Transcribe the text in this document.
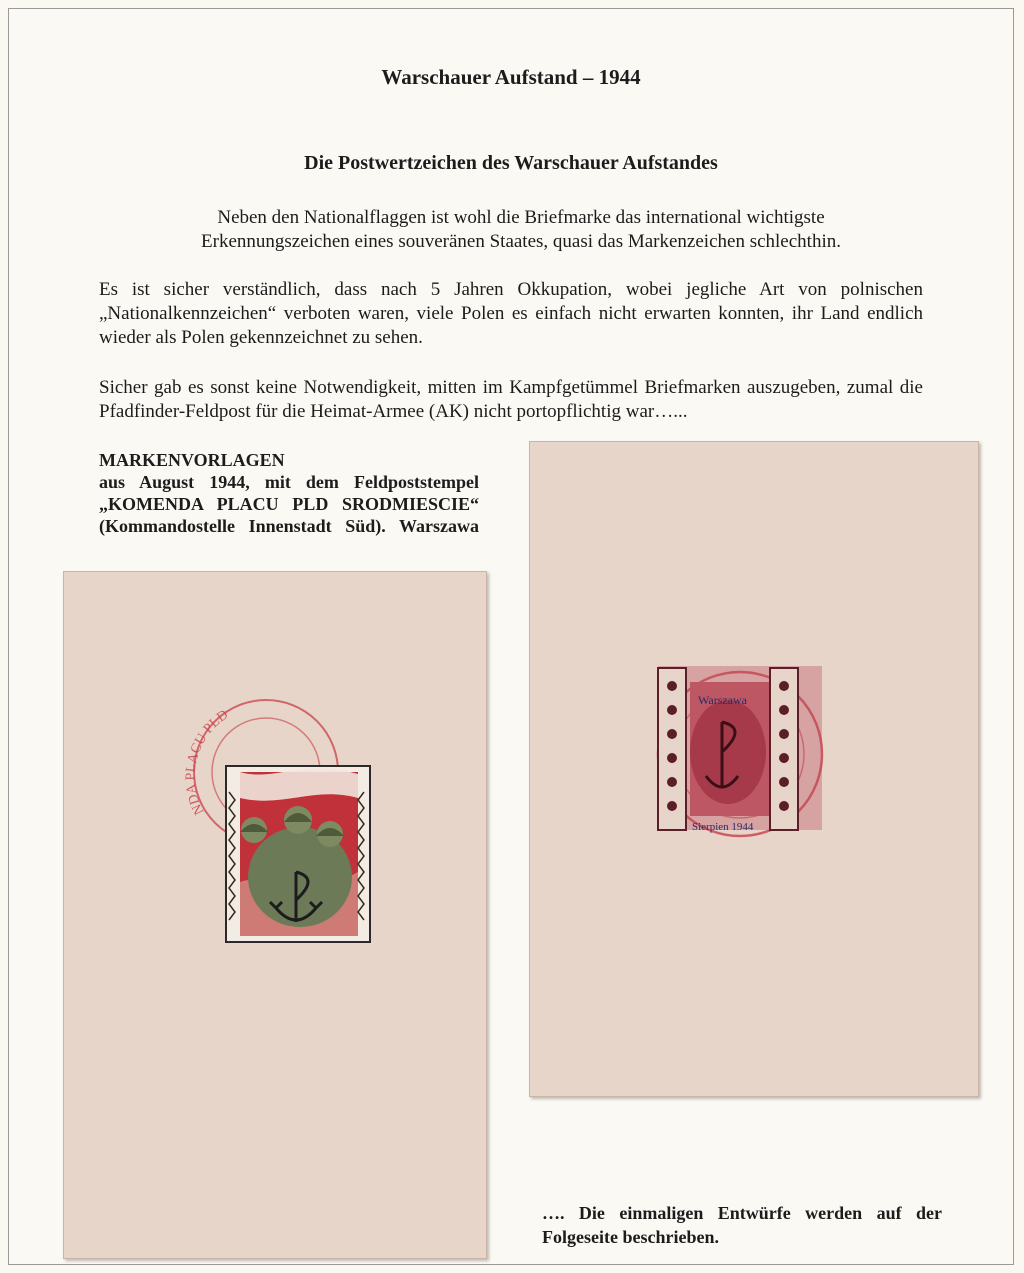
Warschauer Aufstand – 1944
Die Postwertzeichen des Warschauer Aufstandes
Neben den Nationalflaggen ist wohl die Briefmarke das international wichtigste
Erkennungszeichen eines souveränen Staates, quasi das Markenzeichen schlechthin.
Es ist sicher verständlich, dass nach 5 Jahren Okkupation, wobei jegliche Art von polnischen „Nationalkennzeichen“ verboten waren, viele Polen es einfach nicht erwarten konnten, ihr Land endlich wieder als Polen gekennzeichnet zu sehen.
Sicher gab es sonst keine Notwendigkeit, mitten im Kampfgetümmel Briefmarken auszugeben, zumal die Pfadfinder-Feldpost für die Heimat-Armee (AK) nicht portopflichtig war…...
MARKENVORLAGEN
aus August 1944, mit dem Feldpoststempel „KOMENDA PLACU PLD SRODMIESCIE“ (Kommandostelle Innenstadt Süd). Warszawa
NDA PLACU PLD
Warszawa
Sierpien 1944
…. Die einmaligen Entwürfe werden auf der Folgeseite beschrieben.
